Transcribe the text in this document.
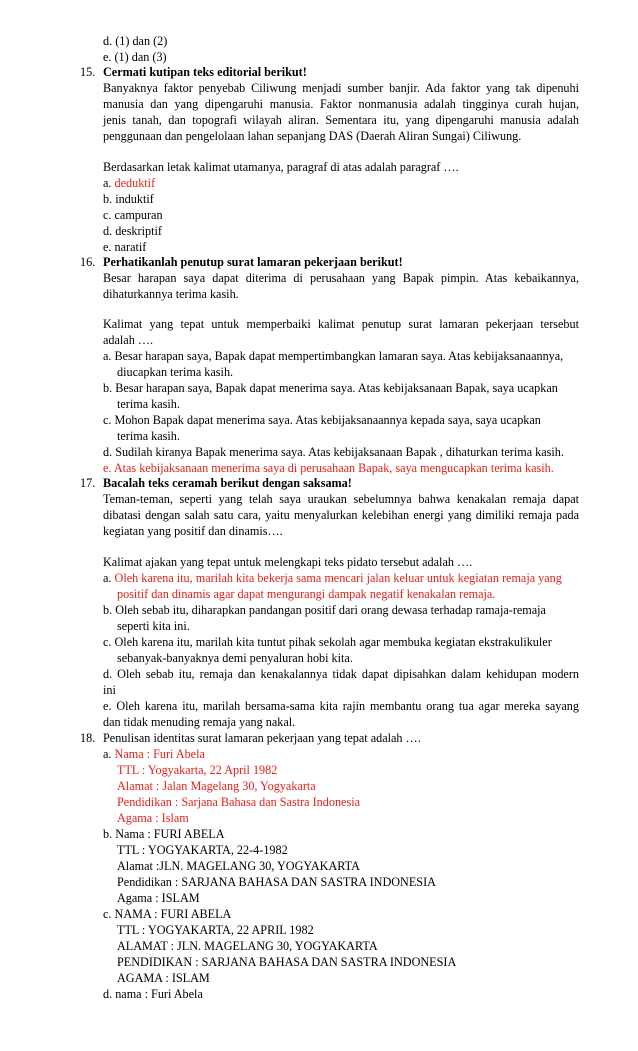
d. (1) dan (2)
e. (1) dan (3)
15. Cermati kutipan teks editorial berikut!
Banyaknya faktor penyebab Ciliwung menjadi sumber banjir. Ada faktor yang tak dipenuhi
manusia dan yang dipengaruhi manusia. Faktor nonmanusia adalah tingginya curah hujan,
jenis tanah, dan topografi wilayah aliran. Sementara itu, yang dipengaruhi manusia adalah
penggunaan dan pengelolaan lahan sepanjang DAS (Daerah Aliran Sungai) Ciliwung.
Berdasarkan letak kalimat utamanya, paragraf di atas adalah paragraf ….
a. deduktif
b. induktif
c. campuran
d. deskriptif
e. naratif
16. Perhatikanlah penutup surat lamaran pekerjaan berikut!
Besar harapan saya dapat diterima di perusahaan yang Bapak pimpin. Atas kebaikannya,
dihaturkannya terima kasih.
Kalimat yang tepat untuk memperbaiki kalimat penutup surat lamaran pekerjaan tersebut
adalah ….
a. Besar harapan saya, Bapak dapat mempertimbangkan lamaran saya. Atas kebijaksanaannya,
diucapkan terima kasih.
b. Besar harapan saya, Bapak dapat menerima saya. Atas kebijaksanaan Bapak, saya ucapkan
terima kasih.
c. Mohon Bapak dapat menerima saya. Atas kebijaksanaannya kepada saya, saya ucapkan
terima kasih.
d. Sudilah kiranya Bapak menerima saya. Atas kebijaksanaan Bapak , dihaturkan terima kasih.
e. Atas kebijaksanaan menerima saya di perusahaan Bapak, saya mengucapkan terima kasih.
17. Bacalah teks ceramah berikut dengan saksama!
Teman-teman, seperti yang telah saya uraukan sebelumnya bahwa kenakalan remaja dapat
dibatasi dengan salah satu cara, yaitu menyalurkan kelebihan energi yang dimiliki remaja pada
kegiatan yang positif dan dinamis….
Kalimat ajakan yang tepat untuk melengkapi teks pidato tersebut adalah ….
a. Oleh karena itu, marilah kita bekerja sama mencari jalan keluar untuk kegiatan remaja yang
positif dan dinamis agar dapat mengurangi dampak negatif kenakalan remaja.
b. Oleh sebab itu, diharapkan pandangan positif dari orang dewasa terhadap ramaja-remaja
seperti kita ini.
c. Oleh karena itu, marilah kita tuntut pihak sekolah agar membuka kegiatan ekstrakulikuler
sebanyak-banyaknya demi penyaluran hobi kita.
d. Oleh sebab itu, remaja dan kenakalannya tidak dapat dipisahkan dalam kehidupan modern
ini
e. Oleh karena itu, marilah bersama-sama kita rajin membantu orang tua agar mereka sayang
dan tidak menuding remaja yang nakal.
18. Penulisan identitas surat lamaran pekerjaan yang tepat adalah ….
a. Nama : Furi Abela
TTL : Yogyakarta, 22 April 1982
Alamat : Jalan Magelang 30, Yogyakarta
Pendidikan : Sarjana Bahasa dan Sastra Indonesia
Agama : Islam
b. Nama : FURI ABELA
TTL : YOGYAKARTA, 22-4-1982
Alamat :JLN. MAGELANG 30, YOGYAKARTA
Pendidikan : SARJANA BAHASA DAN SASTRA INDONESIA
Agama : ISLAM
c. NAMA : FURI ABELA
TTL : YOGYAKARTA, 22 APRIL 1982
ALAMAT : JLN. MAGELANG 30, YOGYAKARTA
PENDIDIKAN : SARJANA BAHASA DAN SASTRA INDONESIA
AGAMA : ISLAM
d. nama : Furi Abela
